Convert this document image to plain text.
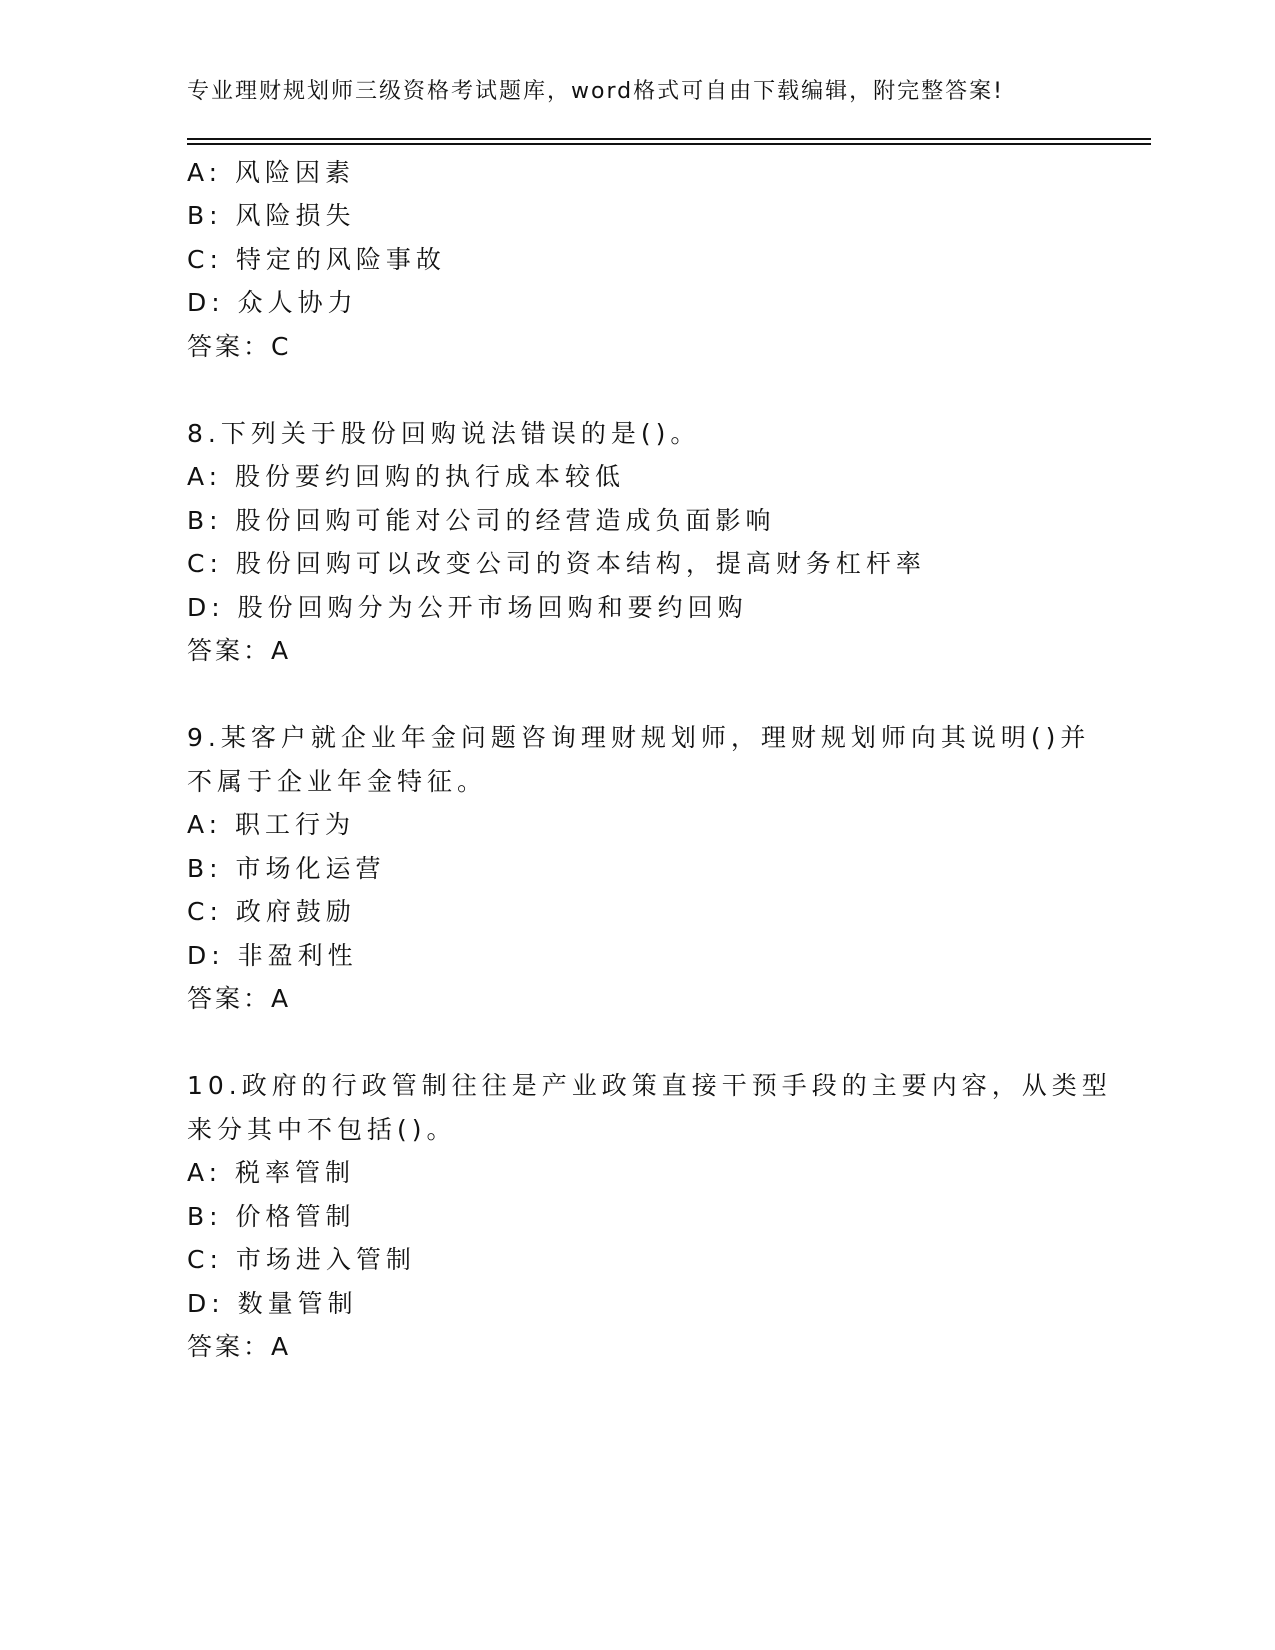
专业理财规划师三级资格考试题库，word格式可自由下载编辑，附完整答案!
A: 风险因素
B: 风险损失
C: 特定的风险事故
D: 众人协力
答案：C
8.下列关于股份回购说法错误的是()。
A: 股份要约回购的执行成本较低
B: 股份回购可能对公司的经营造成负面影响
C: 股份回购可以改变公司的资本结构，提高财务杠杆率
D: 股份回购分为公开市场回购和要约回购
答案：A
9.某客户就企业年金问题咨询理财规划师，理财规划师向其说明()并
不属于企业年金特征。
A: 职工行为
B: 市场化运营
C: 政府鼓励
D: 非盈利性
答案：A
10.政府的行政管制往往是产业政策直接干预手段的主要内容，从类型
来分其中不包括()。
A: 税率管制
B: 价格管制
C: 市场进入管制
D: 数量管制
答案：A
